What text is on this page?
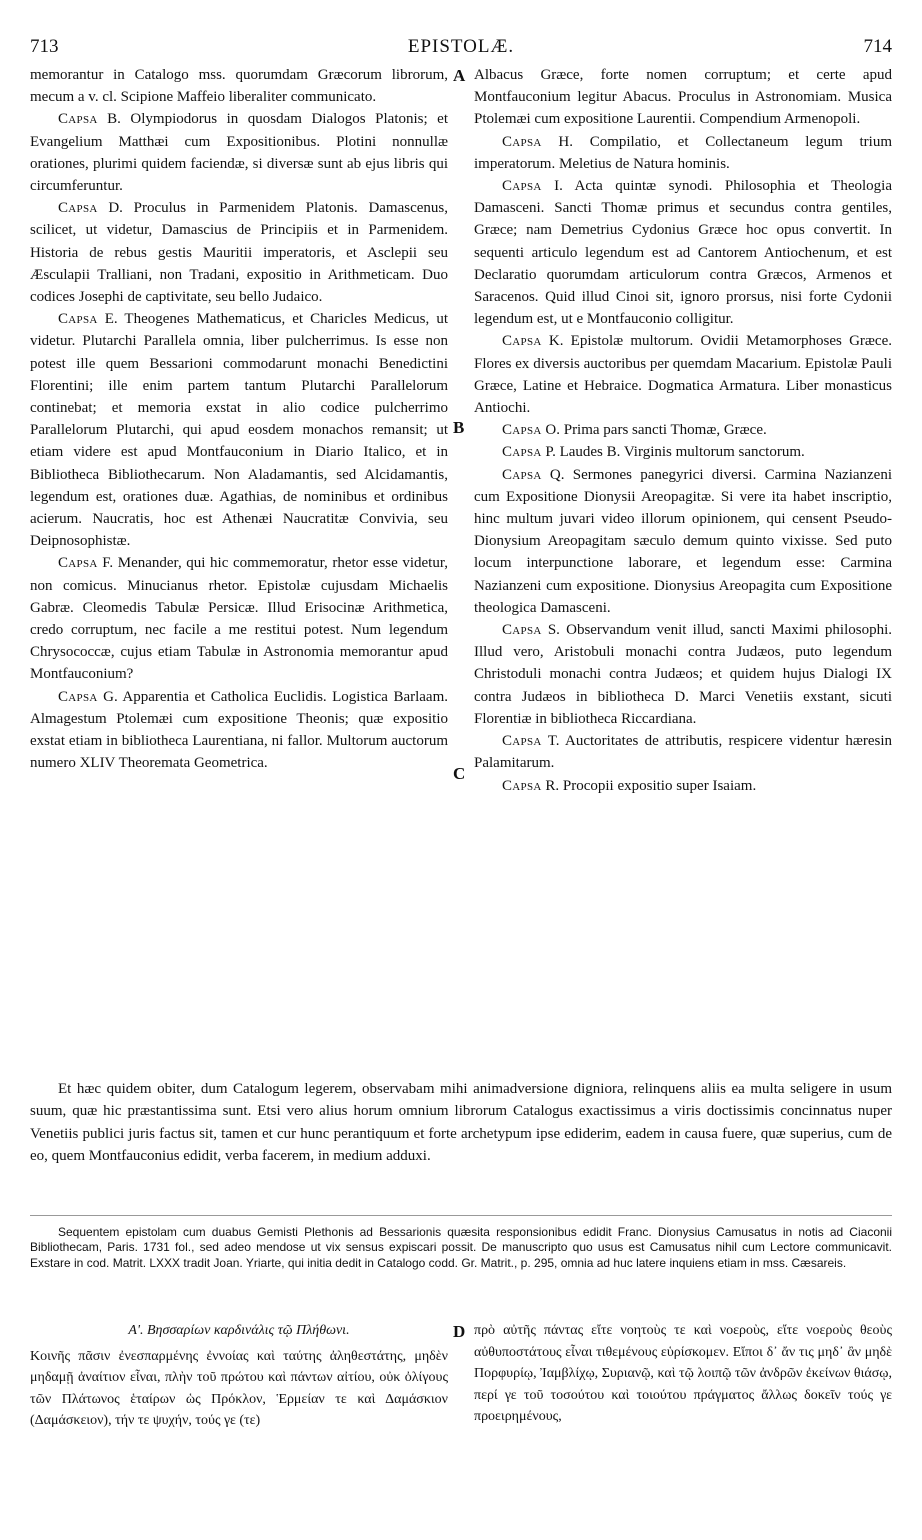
713	EPISTOLÆ.	714
A
B
C
D

memorantur in Catalogo mss. quorumdam Græcorum librorum, mecum a v. cl. Scipione Maffeio liberaliter communicato.

Capsa B. Olympiodorus in quosdam Dialogos Platonis; et Evangelium Matthæi cum Expositionibus. Plotini nonnullæ orationes, plurimi quidem faciendæ, si diversæ sunt ab ejus libris qui circumferuntur.

Capsa D. Proculus in Parmenidem Platonis. Damascenus, scilicet, ut videtur, Damascius de Principiis et in Parmenidem. Historia de rebus gestis Mauritii imperatoris, et Asclepii seu Æsculapii Tralliani, non Tradani, expositio in Arithmeticam. Duo codices Josephi de captivitate, seu bello Judaico.

Capsa E. Theogenes Mathematicus, et Charicles Medicus, ut videtur. Plutarchi Parallela omnia, liber pulcherrimus. Is esse non potest ille quem Bessarioni commodarunt monachi Benedictini Florentini; ille enim partem tantum Plutarchi Parallelorum continebat; et memoria exstat in alio codice pulcherrimo Parallelorum Plutarchi, qui apud eosdem monachos remansit; ut etiam videre est apud Montfauconium in Diario Italico, et in Bibliotheca Bibliothecarum. Non Aladamantis, sed Alcidamantis, legendum est, orationes duæ. Agathias, de nominibus et ordinibus acierum. Naucratis, hoc est Athenæi Naucratitæ Convivia, seu Deipnosophistæ.

Capsa F. Menander, qui hic commemoratur, rhetor esse videtur, non comicus. Minucianus rhetor. Epistolæ cujusdam Michaelis Gabræ. Cleomedis Tabulæ Persicæ. Illud Erisocinæ Arithmetica, credo corruptum, nec facile a me restitui potest. Num legendum Chrysococcæ, cujus etiam Tabulæ in Astronomia memorantur apud Montfauconium?

Capsa G. Apparentia et Catholica Euclidis. Logistica Barlaam. Almagestum Ptolemæi cum expositione Theonis; quæ expositio exstat etiam in bibliotheca Laurentiana, ni fallor. Multorum auctorum numero XLIV Theoremata Geometrica.

Albacus Græce, forte nomen corruptum; et certe apud Montfauconium legitur Abacus. Proculus in Astronomiam. Musica Ptolemæi cum expositione Laurentii. Compendium Armenopoli.

Capsa H. Compilatio, et Collectaneum legum trium imperatorum. Meletius de Natura hominis.

Capsa I. Acta quintæ synodi. Philosophia et Theologia Damasceni. Sancti Thomæ primus et secundus contra gentiles, Græce; nam Demetrius Cydonius Græce hoc opus convertit. In sequenti articulo legendum est ad Cantorem Antiochenum, et est Declaratio quorumdam articulorum contra Græcos, Armenos et Saracenos. Quid illud Cinoi sit, ignoro prorsus, nisi forte Cydonii legendum est, ut e Montfauconio colligitur.

Capsa K. Epistolæ multorum. Ovidii Metamorphoses Græce. Flores ex diversis auctoribus per quemdam Macarium. Epistolæ Pauli Græce, Latine et Hebraice. Dogmatica Armatura. Liber monasticus Antiochi.

Capsa O. Prima pars sancti Thomæ, Græce.

Capsa P. Laudes B. Virginis multorum sanctorum.

Capsa Q. Sermones panegyrici diversi. Carmina Nazianzeni cum Expositione Dionysii Areopagitæ. Si vere ita habet inscriptio, hinc multum juvari video illorum opinionem, qui censent Pseudo-Dionysium Areopagitam sæculo demum quinto vixisse. Sed puto locum interpunctione laborare, et legendum esse: Carmina Nazianzeni cum expositione. Dionysius Areopagita cum Expositione theologica Damasceni.

Capsa S. Observandum venit illud, sancti Maximi philosophi. Illud vero, Aristobuli monachi contra Judæos, puto legendum Christoduli monachi contra Judæos; et quidem hujus Dialogi IX contra Judæos in bibliotheca D. Marci Venetiis exstant, sicuti Florentiæ in bibliotheca Riccardiana.

Capsa T. Auctoritates de attributis, respicere videntur hæresin Palamitarum.

Capsa R. Procopii expositio super Isaiam.

Et hæc quidem obiter, dum Catalogum legerem, observabam mihi animadversione digniora, relinquens aliis ea multa seligere in usum suum, quæ hic præstantissima sunt. Etsi vero alius horum omnium librorum Catalogus exactissimus a viris doctissimis concinnatus nuper Venetiis publici juris factus sit, tamen et cur hunc perantiquum et forte archetypum ipse ediderim, eadem in causa fuere, quæ superius, cum de eo, quem Montfauconius edidit, verba facerem, in medium adduxi.

Sequentem epistolam cum duabus Gemisti Plethonis ad Bessarionis quæsita responsionibus edidit Franc. Dionysius Camusatus in notis ad Ciaconii Bibliothecam, Paris. 1731 fol., sed adeo mendose ut vix sensus expiscari possit. De manuscripto quo usus est Camusatus nihil cum Lectore communicavit. Exstare in cod. Matrit. LXXX tradit Joan. Yriarte, qui initia dedit in Catalogo codd. Gr. Matrit., p. 295, omnia ad huc latere inquiens etiam in mss. Cæsareis.

Α'. Βησσαρίων καρδινάλις τῷ Πλήθωνι.

Κοινῆς πᾶσιν ἐνεσπαρμένης ἐννοίας καὶ ταύτης ἀληθεστάτης, μηδὲν μηδαμῇ ἀναίτιον εἶναι, πλὴν τοῦ πρώτου καὶ πάντων αἰτίου, οὐκ ὀλίγους τῶν Πλάτωνος ἑταίρων ὡς Πρόκλον, Ἑρμείαν τε καὶ Δαμάσκιον (Δαμάσκειον), τήν τε ψυχήν, τούς γε (τε)

πρὸ αὐτῆς πάντας εἴτε νοητοὺς τε καὶ νοεροὺς, εἴτε νοεροὺς θεοὺς αὐθυποστάτους εἶναι τιθεμένους εὑρίσκομεν. Εἴποι δ᾽ ἄν τις μηδ᾽ ἂν μηδὲ Πορφυρίῳ, Ἰαμβλίχῳ, Συριανῷ, καὶ τῷ λοιπῷ τῶν ἀνδρῶν ἐκείνων θιάσῳ, περί γε τοῦ τοσούτου καὶ τοιούτου πράγματος ἄλλως δοκεῖν τούς γε προειρημένους,
